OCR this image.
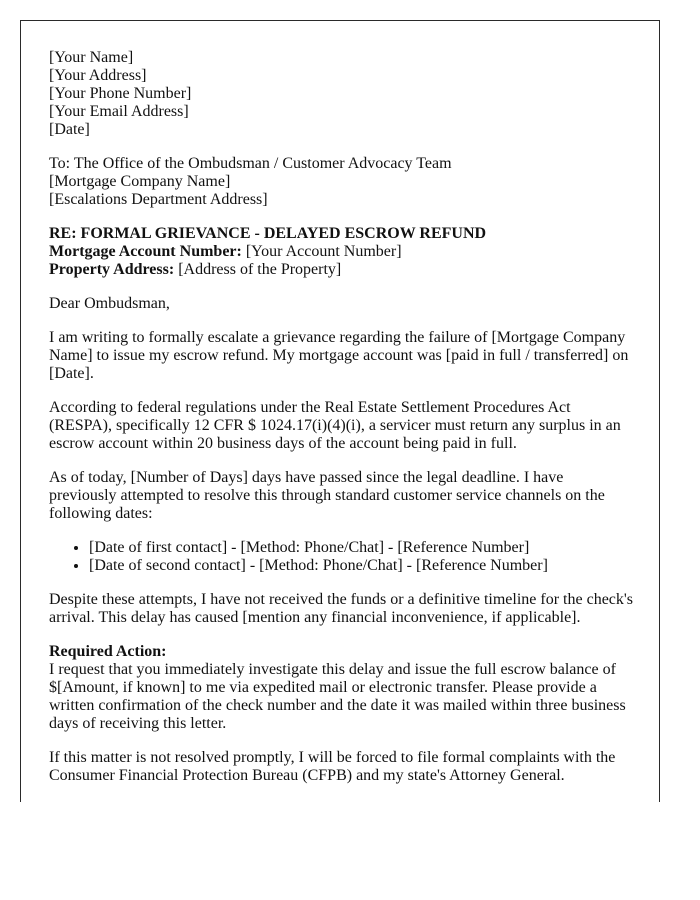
[Your Name]
[Your Address]
[Your Phone Number]
[Your Email Address]
[Date]

To: The Office of the Ombudsman / Customer Advocacy Team
[Mortgage Company Name]
[Escalations Department Address]

RE: FORMAL GRIEVANCE - DELAYED ESCROW REFUND
Mortgage Account Number: [Your Account Number]
Property Address: [Address of the Property]

Dear Ombudsman,

I am writing to formally escalate a grievance regarding the failure of [Mortgage Company Name] to issue my escrow refund. My mortgage account was [paid in full / transferred] on [Date].

According to federal regulations under the Real Estate Settlement Procedures Act (RESPA), specifically 12 CFR $ 1024.17(i)(4)(i), a servicer must return any surplus in an escrow account within 20 business days of the account being paid in full.

As of today, [Number of Days] days have passed since the legal deadline. I have previously attempted to resolve this through standard customer service channels on the following dates:

• [Date of first contact] - [Method: Phone/Chat] - [Reference Number]
• [Date of second contact] - [Method: Phone/Chat] - [Reference Number]

Despite these attempts, I have not received the funds or a definitive timeline for the check's arrival. This delay has caused [mention any financial inconvenience, if applicable].

Required Action:
I request that you immediately investigate this delay and issue the full escrow balance of $[Amount, if known] to me via expedited mail or electronic transfer. Please provide a written confirmation of the check number and the date it was mailed within three business days of receiving this letter.

If this matter is not resolved promptly, I will be forced to file formal complaints with the Consumer Financial Protection Bureau (CFPB) and my state's Attorney General.
